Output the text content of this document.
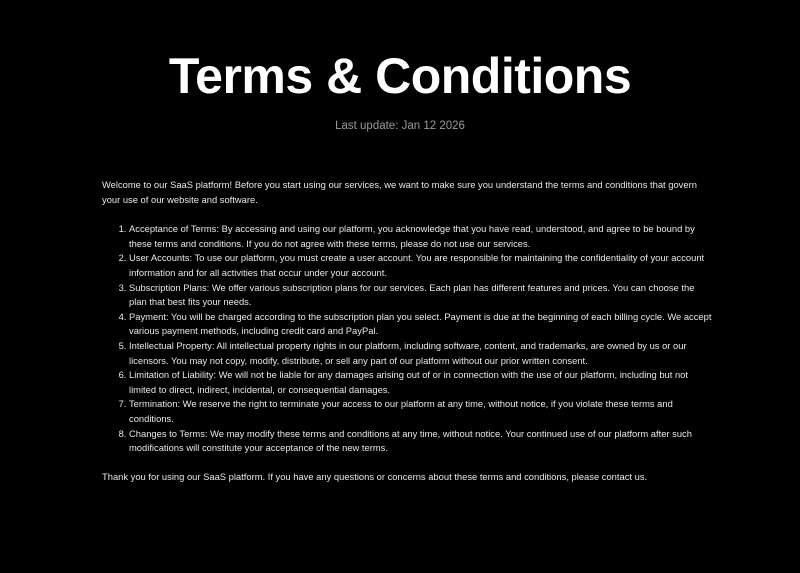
Terms & Conditions

Last update: Jan 12 2026

Welcome to our SaaS platform! Before you start using our services, we want to make sure you understand the terms and conditions that govern your use of our website and software.

1. Acceptance of Terms: By accessing and using our platform, you acknowledge that you have read, understood, and agree to be bound by these terms and conditions. If you do not agree with these terms, please do not use our services.
2. User Accounts: To use our platform, you must create a user account. You are responsible for maintaining the confidentiality of your account information and for all activities that occur under your account.
3. Subscription Plans: We offer various subscription plans for our services. Each plan has different features and prices. You can choose the plan that best fits your needs.
4. Payment: You will be charged according to the subscription plan you select. Payment is due at the beginning of each billing cycle. We accept various payment methods, including credit card and PayPal.
5. Intellectual Property: All intellectual property rights in our platform, including software, content, and trademarks, are owned by us or our licensors. You may not copy, modify, distribute, or sell any part of our platform without our prior written consent.
6. Limitation of Liability: We will not be liable for any damages arising out of or in connection with the use of our platform, including but not limited to direct, indirect, incidental, or consequential damages.
7. Termination: We reserve the right to terminate your access to our platform at any time, without notice, if you violate these terms and conditions.
8. Changes to Terms: We may modify these terms and conditions at any time, without notice. Your continued use of our platform after such modifications will constitute your acceptance of the new terms.

Thank you for using our SaaS platform. If you have any questions or concerns about these terms and conditions, please contact us.
